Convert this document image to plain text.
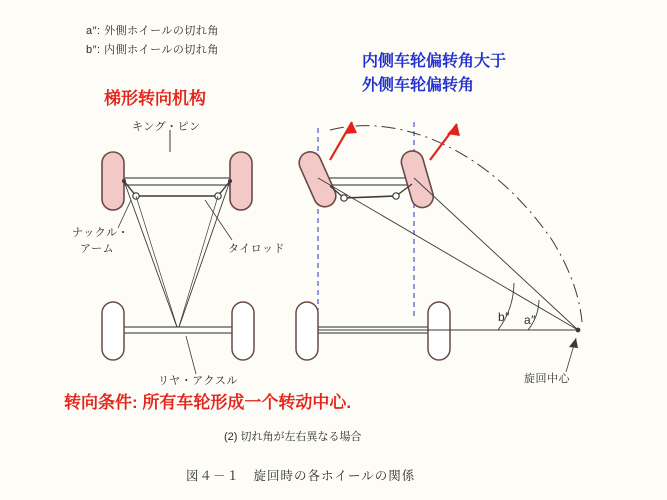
a″: 外側ホイールの切れ角
b″: 内側ホイールの切れ角
梯形转向机构
内侧车轮偏转角大于
外侧车轮偏转角
キング・ピン
ナックル・
アーム	タイロッド
リヤ・アクスル	旋回中心
b″ a″
转向条件: 所有车轮形成一个转动中心.
(2) 切れ角が左右異なる場合
図４－１　旋回時の各ホイールの関係
